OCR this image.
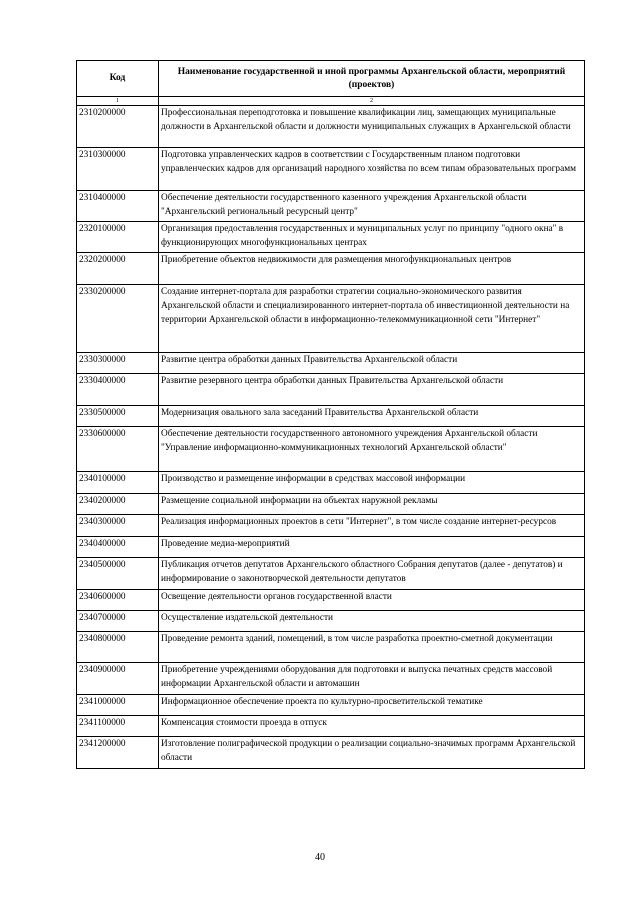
Код	Наименование государственной и иной программы Архангельской области, мероприятий (проектов)
1	2
2310200000	Профессиональная переподготовка и повышение квалификации лиц, замещающих муниципальные должности в Архангельской области и должности муниципальных служащих в Архангельской области
2310300000	Подготовка управленческих кадров в соответствии с Государственным планом подготовки управленческих кадров для организаций народного хозяйства по всем типам образовательных программ
2310400000	Обеспечение деятельности государственного казенного учреждения Архангельской области "Архангельский региональный ресурсный центр"
2320100000	Организация предоставления государственных и муниципальных услуг по принципу "одного окна" в функционирующих многофункциональных центрах
2320200000	Приобретение объектов недвижимости для размещения многофункциональных центров
2330200000	Создание интернет-портала для разработки стратегии социально-экономического развития Архангельской области и специализированного интернет-портала об инвестиционной деятельности на территории Архангельской области в информационно-телекоммуникационной сети "Интернет"
2330300000	Развитие центра обработки данных Правительства Архангельской области
2330400000	Развитие резервного центра обработки данных Правительства Архангельской области
2330500000	Модернизация овального зала заседаний Правительства Архангельской области
2330600000	Обеспечение деятельности государственного автономного учреждения Архангельской области "Управление информационно-коммуникационных технологий Архангельской области"
2340100000	Производство и размещение информации в средствах массовой информации
2340200000	Размещение социальной информации на объектах наружной рекламы
2340300000	Реализация информационных проектов в сети "Интернет", в том числе создание интернет-ресурсов
2340400000	Проведение медиа-мероприятий
2340500000	Публикация отчетов депутатов Архангельского областного Собрания депутатов (далее - депутатов) и информирование о законотворческой деятельности депутатов
2340600000	Освещение деятельности органов государственной власти
2340700000	Осуществление издательской деятельности
2340800000	Проведение ремонта зданий, помещений, в том числе разработка проектно-сметной документации
2340900000	Приобретение учреждениями оборудования для подготовки и выпуска печатных средств массовой информации Архангельской области и автомашин
2341000000	Информационное обеспечение проекта по культурно-просветительской тематике
2341100000	Компенсация стоимости проезда в отпуск
2341200000	Изготовление полиграфической продукции о реализации социально-значимых программ Архангельской области
40
